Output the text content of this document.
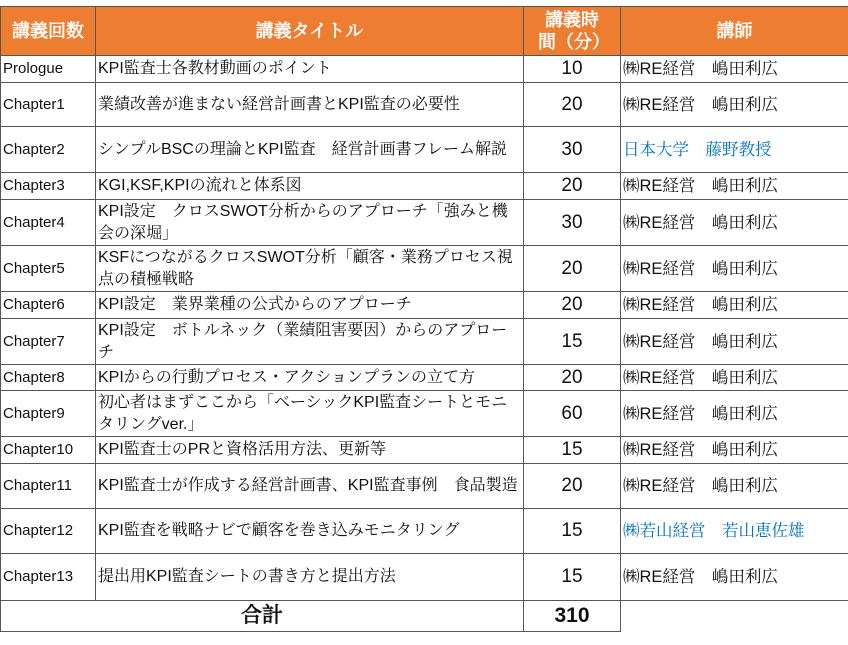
講義回数	講義タイトル	講義時間（分）	講師
Prologue	KPI監査士各教材動画のポイント	10	㈱RE経営　嶋田利広
Chapter1	業績改善が進まない経営計画書とKPI監査の必要性	20	㈱RE経営　嶋田利広
Chapter2	シンプルBSCの理論とKPI監査　経営計画書フレーム解説	30	日本大学　藤野教授
Chapter3	KGI,KSF,KPIの流れと体系図	20	㈱RE経営　嶋田利広
Chapter4	KPI設定　クロスSWOT分析からのアプローチ「強みと機会の深堀」	30	㈱RE経営　嶋田利広
Chapter5	KSFにつながるクロスSWOT分析「顧客・業務プロセス視点の積極戦略	20	㈱RE経営　嶋田利広
Chapter6	KPI設定　業界業種の公式からのアプローチ	20	㈱RE経営　嶋田利広
Chapter7	KPI設定　ボトルネック（業績阻害要因）からのアプローチ	15	㈱RE経営　嶋田利広
Chapter8	KPIからの行動プロセス・アクションプランの立て方	20	㈱RE経営　嶋田利広
Chapter9	初心者はまずここから「ベーシックKPI監査シートとモニタリングver.」	60	㈱RE経営　嶋田利広
Chapter10	KPI監査士のPRと資格活用方法、更新等	15	㈱RE経営　嶋田利広
Chapter11	KPI監査士が作成する経営計画書、KPI監査事例　食品製造	20	㈱RE経営　嶋田利広
Chapter12	KPI監査を戦略ナビで顧客を巻き込みモニタリング	15	㈱若山経営　若山恵佐雄
Chapter13	提出用KPI監査シートの書き方と提出方法	15	㈱RE経営　嶋田利広
合計		310	
